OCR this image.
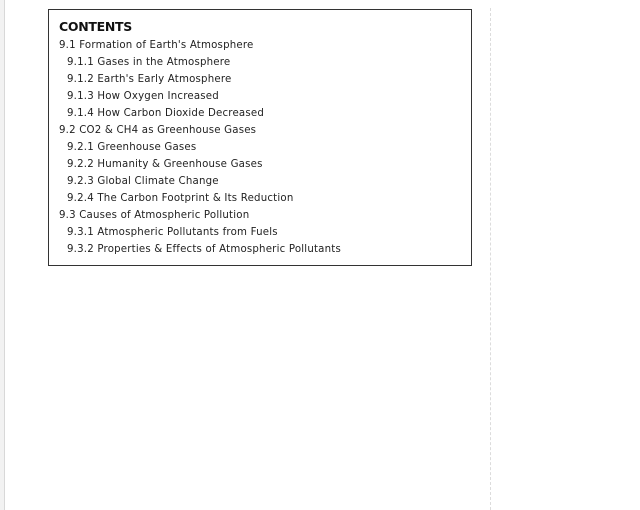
CONTENTS
9.1 Formation of Earth's Atmosphere
9.1.1 Gases in the Atmosphere
9.1.2 Earth's Early Atmosphere
9.1.3 How Oxygen Increased
9.1.4 How Carbon Dioxide Decreased
9.2 CO2 & CH4 as Greenhouse Gases
9.2.1 Greenhouse Gases
9.2.2 Humanity & Greenhouse Gases
9.2.3 Global Climate Change
9.2.4 The Carbon Footprint & Its Reduction
9.3 Causes of Atmospheric Pollution
9.3.1 Atmospheric Pollutants from Fuels
9.3.2 Properties & Effects of Atmospheric Pollutants
